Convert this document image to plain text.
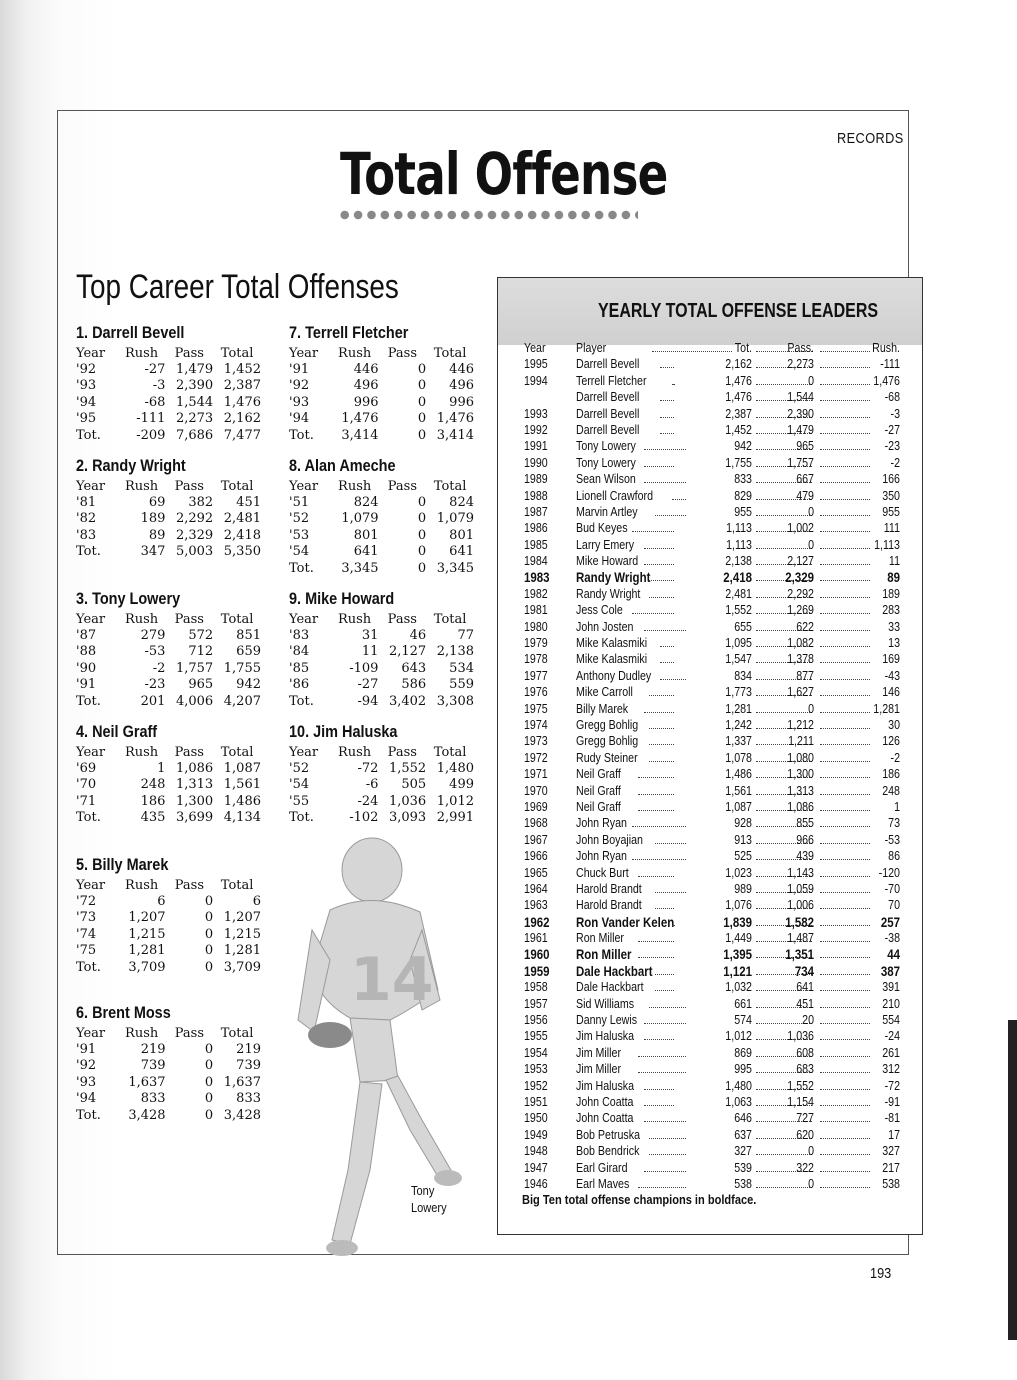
RECORDS
Total Offense
Top Career Total Offenses
1. Darrell Bevell
Year	Rush	Pass	Total
'92	-27	1,479	1,452
'93	-3	2,390	2,387
'94	-68	1,544	1,476
'95	-111	2,273	2,162
Tot.	-209	7,686	7,477
2. Randy Wright
Year	Rush	Pass	Total
'81	69	382	451
'82	189	2,292	2,481
'83	89	2,329	2,418
Tot.	347	5,003	5,350
3. Tony Lowery
Year	Rush	Pass	Total
'87	279	572	851
'88	-53	712	659
'90	-2	1,757	1,755
'91	-23	965	942
Tot.	201	4,006	4,207
4. Neil Graff
Year	Rush	Pass	Total
'69	1	1,086	1,087
'70	248	1,313	1,561
'71	186	1,300	1,486
Tot.	435	3,699	4,134
5. Billy Marek
Year	Rush	Pass	Total
'72	6	0	6
'73	1,207	0	1,207
'74	1,215	0	1,215
'75	1,281	0	1,281
Tot.	3,709	0	3,709
6. Brent Moss
Year	Rush	Pass	Total
'91	219	0	219
'92	739	0	739
'93	1,637	0	1,637
'94	833	0	833
Tot.	3,428	0	3,428
7. Terrell Fletcher
Year	Rush	Pass	Total
'91	446	0	446
'92	496	0	496
'93	996	0	996
'94	1,476	0	1,476
Tot.	3,414	0	3,414
8. Alan Ameche
Year	Rush	Pass	Total
'51	824	0	824
'52	1,079	0	1,079
'53	801	0	801
'54	641	0	641
Tot.	3,345	0	3,345
9. Mike Howard
Year	Rush	Pass	Total
'83	31	46	77
'84	11	2,127	2,138
'85	-109	643	534
'86	-27	586	559
Tot.	-94	3,402	3,308
10. Jim Haluska
Year	Rush	Pass	Total
'52	-72	1,552	1,480
'54	-6	505	499
'55	-24	1,036	1,012
Tot.	-102	3,093	2,991
14
Tony
Lowery
YEARLY TOTAL OFFENSE LEADERS
Year Player	Tot.	Pass.	Rush.
1995 Darrell Bevell	2,162	2,273	-111
1994 Terrell Fletcher	1,476	0	1,476
Darrell Bevell	1,476	1,544	-68
1993 Darrell Bevell	2,387	2,390	-3
1992 Darrell Bevell	1,452	1,479	-27
1991 Tony Lowery	942	965	-23
1990 Tony Lowery	1,755	1,757	-2
1989 Sean Wilson	833	667	166
1988 Lionell Crawford	829	479	350
1987 Marvin Artley	955	0	955
1986 Bud Keyes	1,113	1,002	111
1985 Larry Emery	1,113	0	1,113
1984 Mike Howard	2,138	2,127	11
1983 Randy Wright	2,418	2,329	89
1982 Randy Wright	2,481	2,292	189
1981 Jess Cole	1,552	1,269	283
1980 John Josten	655	622	33
1979 Mike Kalasmiki	1,095	1,082	13
1978 Mike Kalasmiki	1,547	1,378	169
1977 Anthony Dudley	834	877	-43
1976 Mike Carroll	1,773	1,627	146
1975 Billy Marek	1,281	0	1,281
1974 Gregg Bohlig	1,242	1,212	30
1973 Gregg Bohlig	1,337	1,211	126
1972 Rudy Steiner	1,078	1,080	-2
1971 Neil Graff	1,486	1,300	186
1970 Neil Graff	1,561	1,313	248
1969 Neil Graff	1,087	1,086	1
1968 John Ryan	928	855	73
1967 John Boyajian	913	966	-53
1966 John Ryan	525	439	86
1965 Chuck Burt	1,023	1,143	-120
1964 Harold Brandt	989	1,059	-70
1963 Harold Brandt	1,076	1,006	70
1962 Ron Vander Kelen	1,839	1,582	257
1961 Ron Miller	1,449	1,487	-38
1960 Ron Miller	1,395	1,351	44
1959 Dale Hackbart	1,121	734	387
1958 Dale Hackbart	1,032	641	391
1957 Sid Williams	661	451	210
1956 Danny Lewis	574	20	554
1955 Jim Haluska	1,012	1,036	-24
1954 Jim Miller	869	608	261
1953 Jim Miller	995	683	312
1952 Jim Haluska	1,480	1,552	-72
1951 John Coatta	1,063	1,154	-91
1950 John Coatta	646	727	-81
1949 Bob Petruska	637	620	17
1948 Bob Bendrick	327	0	327
1947 Earl Girard	539	322	217
1946 Earl Maves	538	0	538
Big Ten total offense champions in boldface.
193
